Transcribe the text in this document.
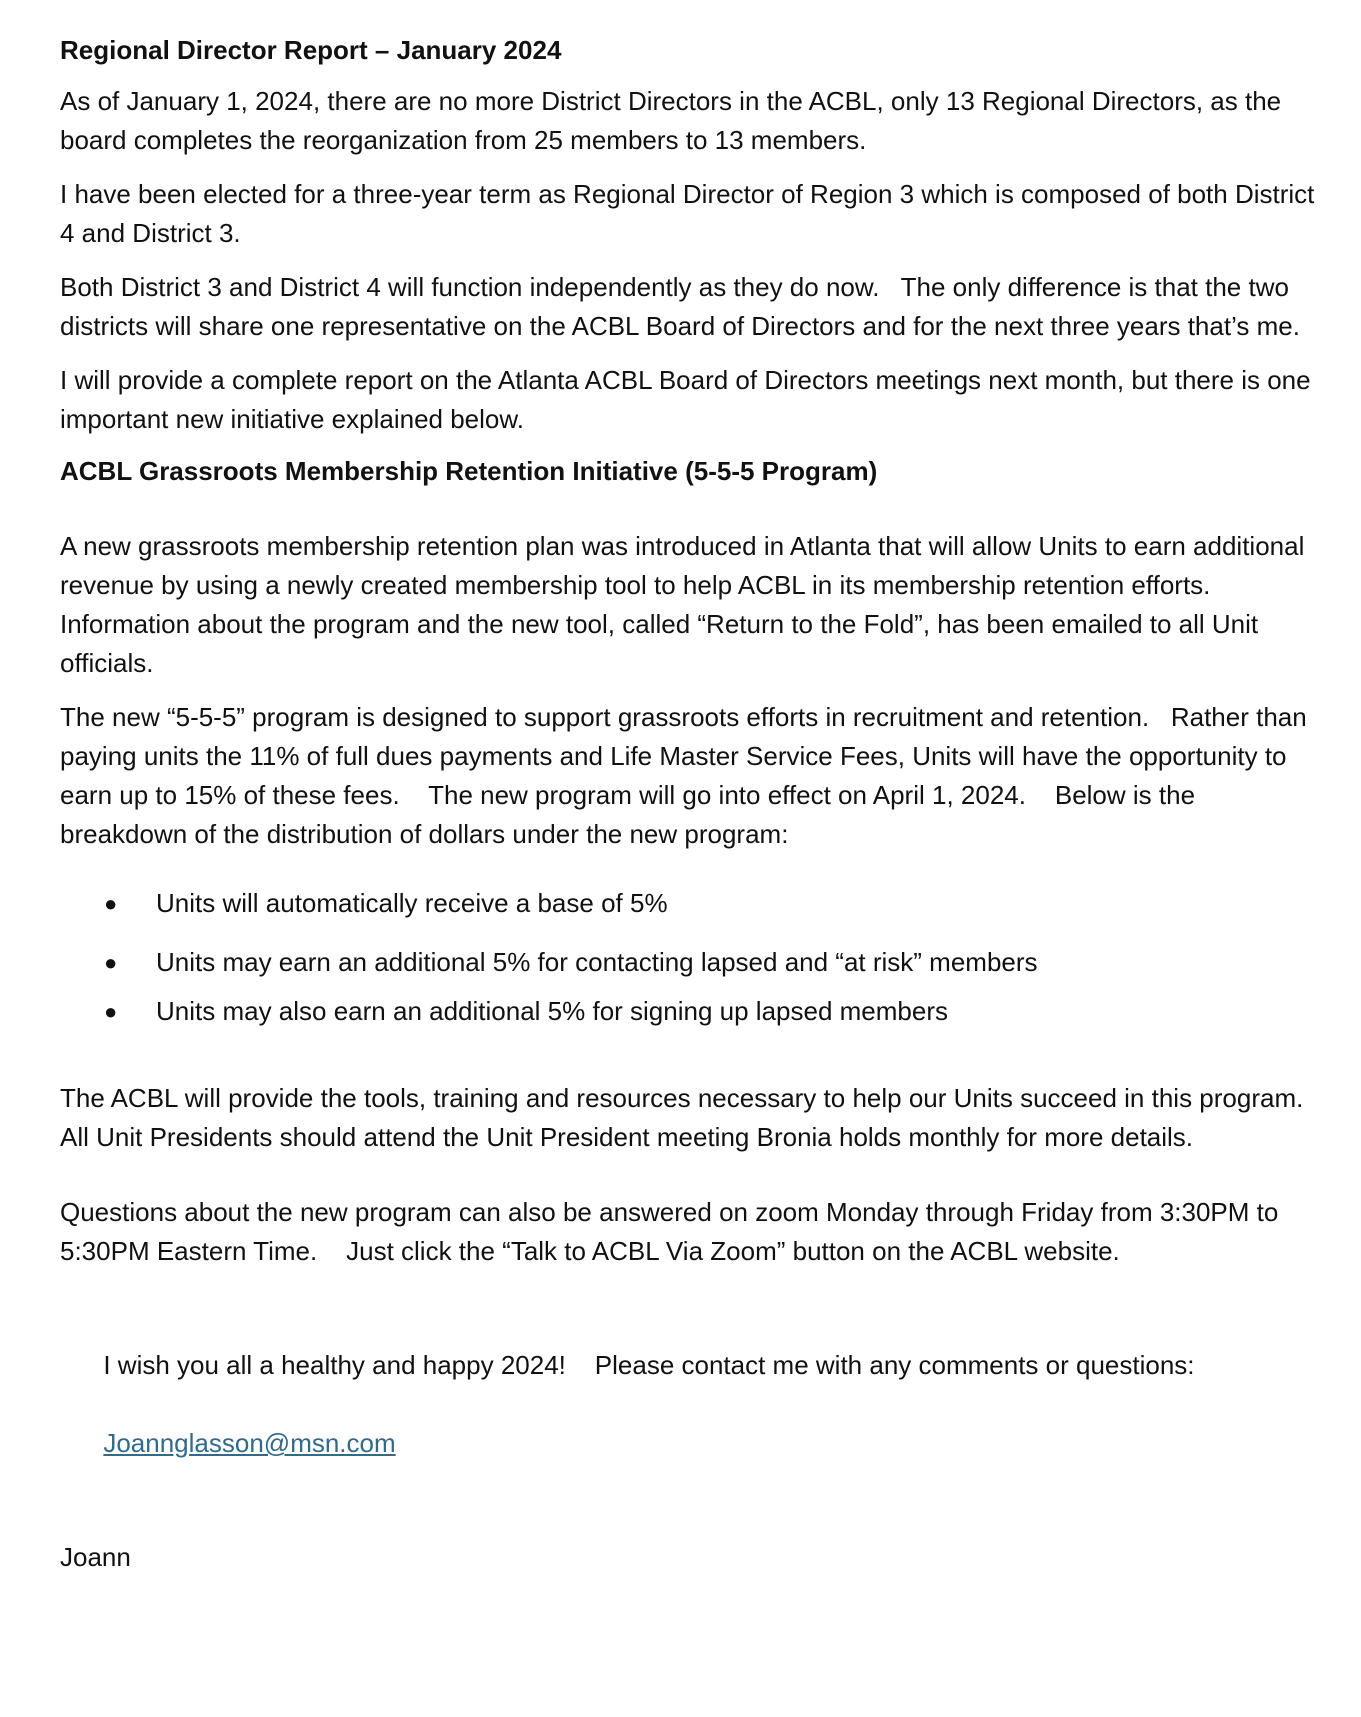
Regional Director Report – January 2024

As of January 1, 2024, there are no more District Directors in the ACBL, only 13 Regional Directors, as the board completes the reorganization from 25 members to 13 members.

I have been elected for a three-year term as Regional Director of Region 3 which is composed of both District 4 and District 3.

Both District 3 and District 4 will function independently as they do now.   The only difference is that the two districts will share one representative on the ACBL Board of Directors and for the next three years that’s me.

I will provide a complete report on the Atlanta ACBL Board of Directors meetings next month, but there is one important new initiative explained below.

ACBL Grassroots Membership Retention Initiative (5-5-5 Program)

A new grassroots membership retention plan was introduced in Atlanta that will allow Units to earn additional revenue by using a newly created membership tool to help ACBL in its membership retention efforts.    Information about the program and the new tool, called “Return to the Fold”, has been emailed to all Unit officials.

The new “5-5-5” program is designed to support grassroots efforts in recruitment and retention.   Rather than paying units the 11% of full dues payments and Life Master Service Fees, Units will have the opportunity to earn up to 15% of these fees.    The new program will go into effect on April 1, 2024.    Below is the breakdown of the distribution of dollars under the new program:

● Units will automatically receive a base of 5%
● Units may earn an additional 5% for contacting lapsed and “at risk” members
● Units may also earn an additional 5% for signing up lapsed members

The ACBL will provide the tools, training and resources necessary to help our Units succeed in this program.   All Unit Presidents should attend the Unit President meeting Bronia holds monthly for more details.

Questions about the new program can also be answered on zoom Monday through Friday from 3:30PM to 5:30PM Eastern Time.    Just click the “Talk to ACBL Via Zoom” button on the ACBL website.

I wish you all a healthy and happy 2024!    Please contact me with any comments or questions:

Joannglasson@msn.com

Joann
